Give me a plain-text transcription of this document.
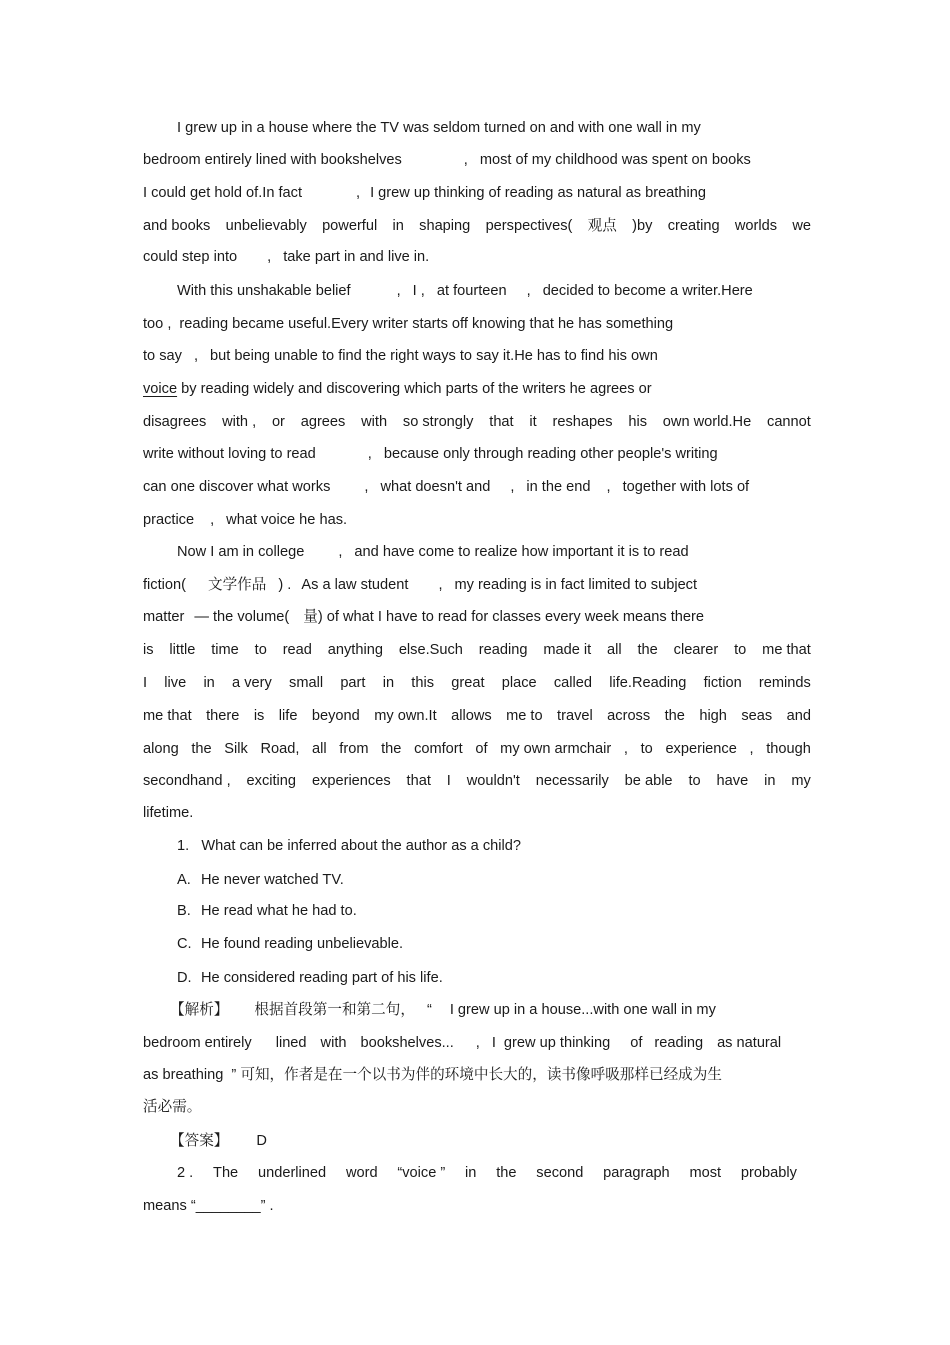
I grew up in a house where the TV was seldom turned on and with one wall in my
bedroom entirely lined with bookshelves	, most of my childhood was spent on books
I could get hold of.In fact	, I grew up thinking of reading as natural as breathing
and books unbelievably powerful in shaping perspectives( 观点 )by creating worlds we
could step into , take part in and live in.
With this unshakable belief	, I , at fourteen , decided to become a writer.Here
too , reading became useful.Every writer starts off knowing that he has something
to say , but being unable to find the right ways to say it.He has to find his own
voice by reading widely and discovering which parts of the writers he agrees or
disagrees with , or agrees with so strongly that it reshapes his own world.He cannot
write without loving to read	, because only through reading other people's writing
can one discover what works , what doesn't and , in the end , together with lots of
practice , what voice he has.
Now I am in college , and have come to realize how important it is to read
fiction( 文学作品 ) . As a law student , my reading is in fact limited to subject
matter — the volume( 量) of what I have to read for classes every week means there
is little time to read anything else.Such reading made it all the clearer to me that
I live in a very small part in this great place called life.Reading fiction reminds
me that there is life beyond my own.It allows me to travel across the high seas and
along the Silk Road, all from the comfort of my own armchair , to experience , though
secondhand , exciting experiences that I wouldn't necessarily be able to have in my
lifetime.
1.   What can be inferred about the author as a child?
A. He never watched TV.
B. He read what he had to.
C. He found reading unbelievable.
D. He considered reading part of his life.
【解析】 根据首段第一和第二句， “ I grew up in a house...with one wall in my
bedroom entirely lined with bookshelves... , I grew up thinking of reading as natural
as breathing  ” 可知，作者是在一个以书为伴的环境中长大的，读书像呼吸那样已经成为生
活必需。
【答案】 D
2 . The underlined word “voice ” in the second paragraph most probably
means “________” .
